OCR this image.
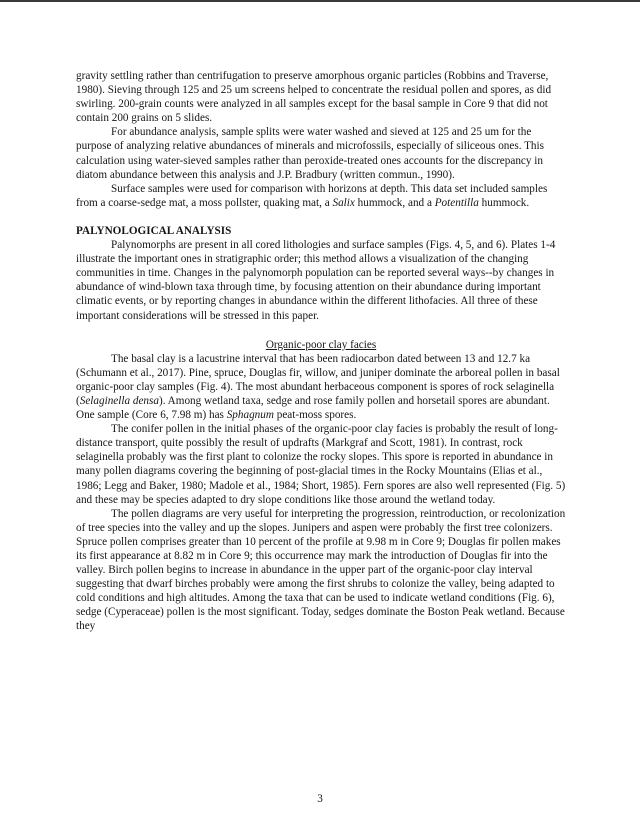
gravity settling rather than centrifugation to preserve amorphous organic particles (Robbins and Traverse, 1980). Sieving through 125 and 25 um screens helped to concentrate the residual pollen and spores, as did swirling. 200-grain counts were analyzed in all samples except for the basal sample in Core 9 that did not contain 200 grains on 5 slides.

For abundance analysis, sample splits were water washed and sieved at 125 and 25 um for the purpose of analyzing relative abundances of minerals and microfossils, especially of siliceous ones. This calculation using water-sieved samples rather than peroxide-treated ones accounts for the discrepancy in diatom abundance between this analysis and J.P. Bradbury (written commun., 1990).

Surface samples were used for comparison with horizons at depth. This data set included samples from a coarse-sedge mat, a moss pollster, quaking mat, a Salix hummock, and a Potentilla hummock.

PALYNOLOGICAL ANALYSIS

Palynomorphs are present in all cored lithologies and surface samples (Figs. 4, 5, and 6). Plates 1-4 illustrate the important ones in stratigraphic order; this method allows a visualization of the changing communities in time. Changes in the palynomorph population can be reported several ways--by changes in abundance of wind-blown taxa through time, by focusing attention on their abundance during important climatic events, or by reporting changes in abundance within the different lithofacies. All three of these important considerations will be stressed in this paper.

Organic-poor clay facies

The basal clay is a lacustrine interval that has been radiocarbon dated between 13 and 12.7 ka (Schumann et al., 2017). Pine, spruce, Douglas fir, willow, and juniper dominate the arboreal pollen in basal organic-poor clay samples (Fig. 4). The most abundant herbaceous component is spores of rock selaginella (Selaginella densa). Among wetland taxa, sedge and rose family pollen and horsetail spores are abundant. One sample (Core 6, 7.98 m) has Sphagnum peat-moss spores.

The conifer pollen in the initial phases of the organic-poor clay facies is probably the result of long-distance transport, quite possibly the result of updrafts (Markgraf and Scott, 1981). In contrast, rock selaginella probably was the first plant to colonize the rocky slopes. This spore is reported in abundance in many pollen diagrams covering the beginning of post-glacial times in the Rocky Mountains (Elias et al., 1986; Legg and Baker, 1980; Madole et al., 1984; Short, 1985). Fern spores are also well represented (Fig. 5) and these may be species adapted to dry slope conditions like those around the wetland today.

The pollen diagrams are very useful for interpreting the progression, reintroduction, or recolonization of tree species into the valley and up the slopes. Junipers and aspen were probably the first tree colonizers. Spruce pollen comprises greater than 10 percent of the profile at 9.98 m in Core 9; Douglas fir pollen makes its first appearance at 8.82 m in Core 9; this occurrence may mark the introduction of Douglas fir into the valley. Birch pollen begins to increase in abundance in the upper part of the organic-poor clay interval suggesting that dwarf birches probably were among the first shrubs to colonize the valley, being adapted to cold conditions and high altitudes. Among the taxa that can be used to indicate wetland conditions (Fig. 6), sedge (Cyperaceae) pollen is the most significant. Today, sedges dominate the Boston Peak wetland. Because they

3
